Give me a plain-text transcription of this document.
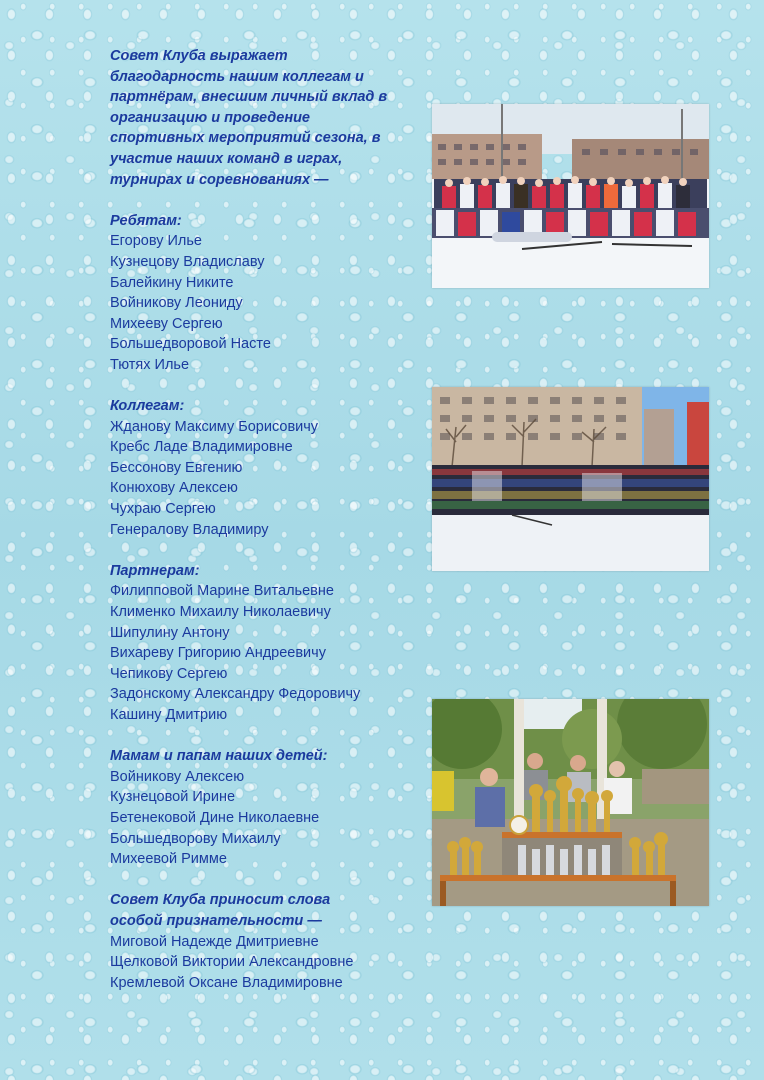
Совет Клуба выражает благодарность нашим коллегам и партнёрам, внесшим личный вклад в организацию и проведение спортивных мероприятий сезона, в участие наших команд в играх, турнирах и соревнованиях —

Ребятам:

Егорову Илье
Кузнецову Владиславу
Балейкину Никите
Войникову Леониду
Михееву Сергею
Большедворовой Насте
Тютях Илье

Коллегам:

Жданову Максиму Борисовичу
Кребс Ладе Владимировне
Бессонову Евгению
Конюхову Алексею
Чухраю Сергею
Генералову Владимиру

Партнерам:

Филипповой Марине Витальевне
Клименко Михаилу Николаевичу
Шипулину Антону
Вихареву Григорию Андреевичу
Чепикову Сергею
Задонскому Александру Федоровичу
Кашину Дмитрию

Мамам и папам наших детей:

Войникову Алексею
Кузнецовой Ирине
Бетенековой Дине Николаевне
Большедворову Михаилу
Михеевой Римме

Совет Клуба приносит слова особой признательности —

Миговой Надежде Дмитриевне
Щелковой Виктории Александровне
Кремлевой Оксане Владимировне
